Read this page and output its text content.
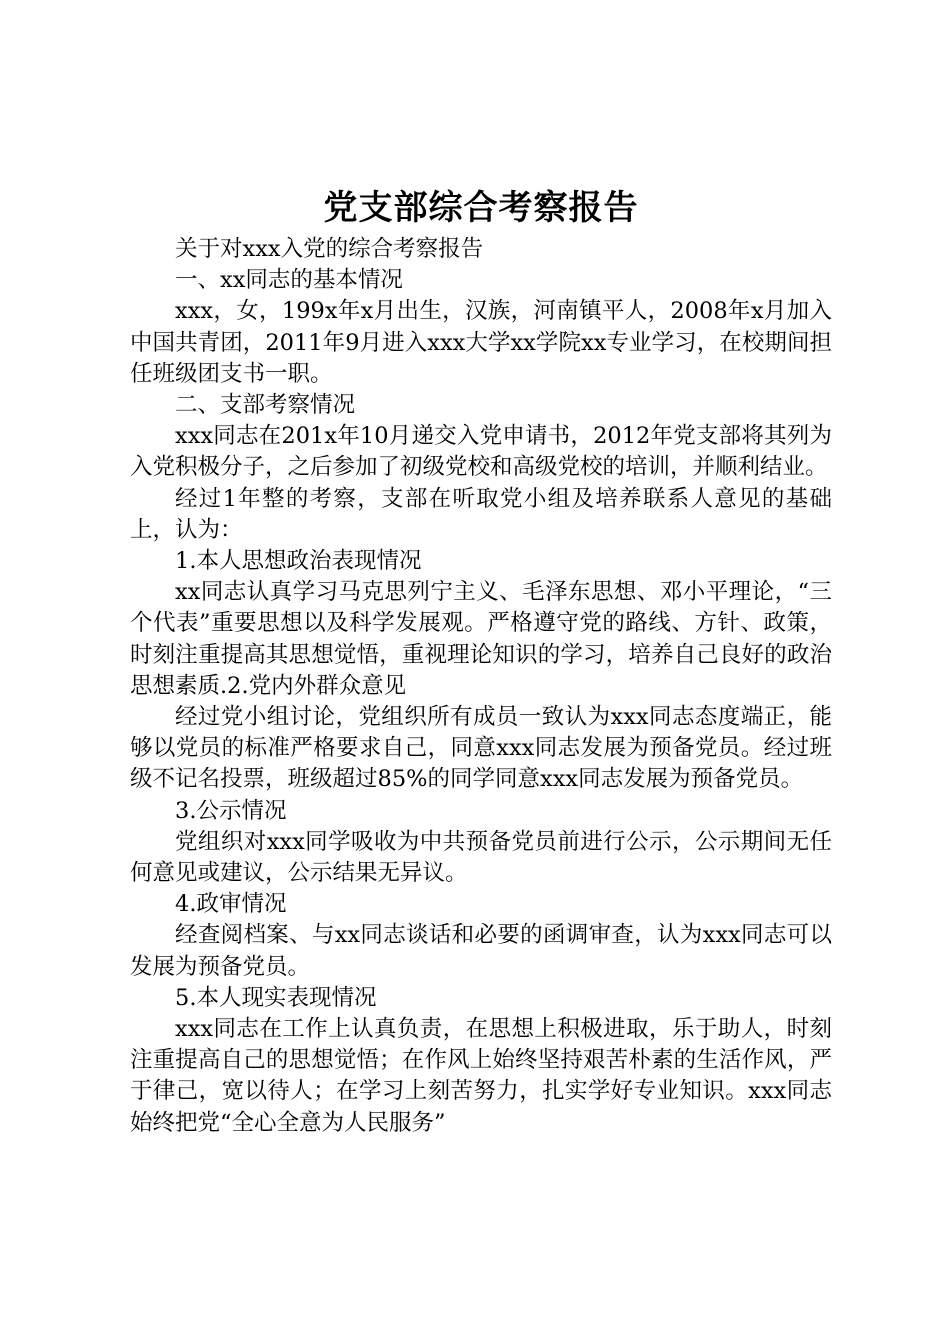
党支部综合考察报告

关于对xxx入党的综合考察报告

一、xx同志的基本情况

xxx，女，199x年x月出生，汉族，河南镇平人，2008年x月加入中国共青团，2011年9月进入xxx大学xx学院xx专业学习，在校期间担任班级团支书一职。

二、支部考察情况

xxx同志在201x年10月递交入党申请书，2012年党支部将其列为入党积极分子，之后参加了初级党校和高级党校的培训，并顺利结业。

经过1年整的考察，支部在听取党小组及培养联系人意见的基础上，认为：

1.本人思想政治表现情况

xx同志认真学习马克思列宁主义、毛泽东思想、邓小平理论，“三个代表”重要思想以及科学发展观。严格遵守党的路线、方针、政策，时刻注重提高其思想觉悟，重视理论知识的学习，培养自己良好的政治思想素质.2.党内外群众意见

经过党小组讨论，党组织所有成员一致认为xxx同志态度端正，能够以党员的标准严格要求自己，同意xxx同志发展为预备党员。经过班级不记名投票，班级超过85%的同学同意xxx同志发展为预备党员。

3.公示情况

党组织对xxx同学吸收为中共预备党员前进行公示，公示期间无任何意见或建议，公示结果无异议。

4.政审情况

经查阅档案、与xx同志谈话和必要的函调审查，认为xxx同志可以发展为预备党员。

5.本人现实表现情况

xxx同志在工作上认真负责，在思想上积极进取，乐于助人，时刻注重提高自己的思想觉悟；在作风上始终坚持艰苦朴素的生活作风，严于律己，宽以待人；在学习上刻苦努力，扎实学好专业知识。xxx同志始终把党“全心全意为人民服务”
